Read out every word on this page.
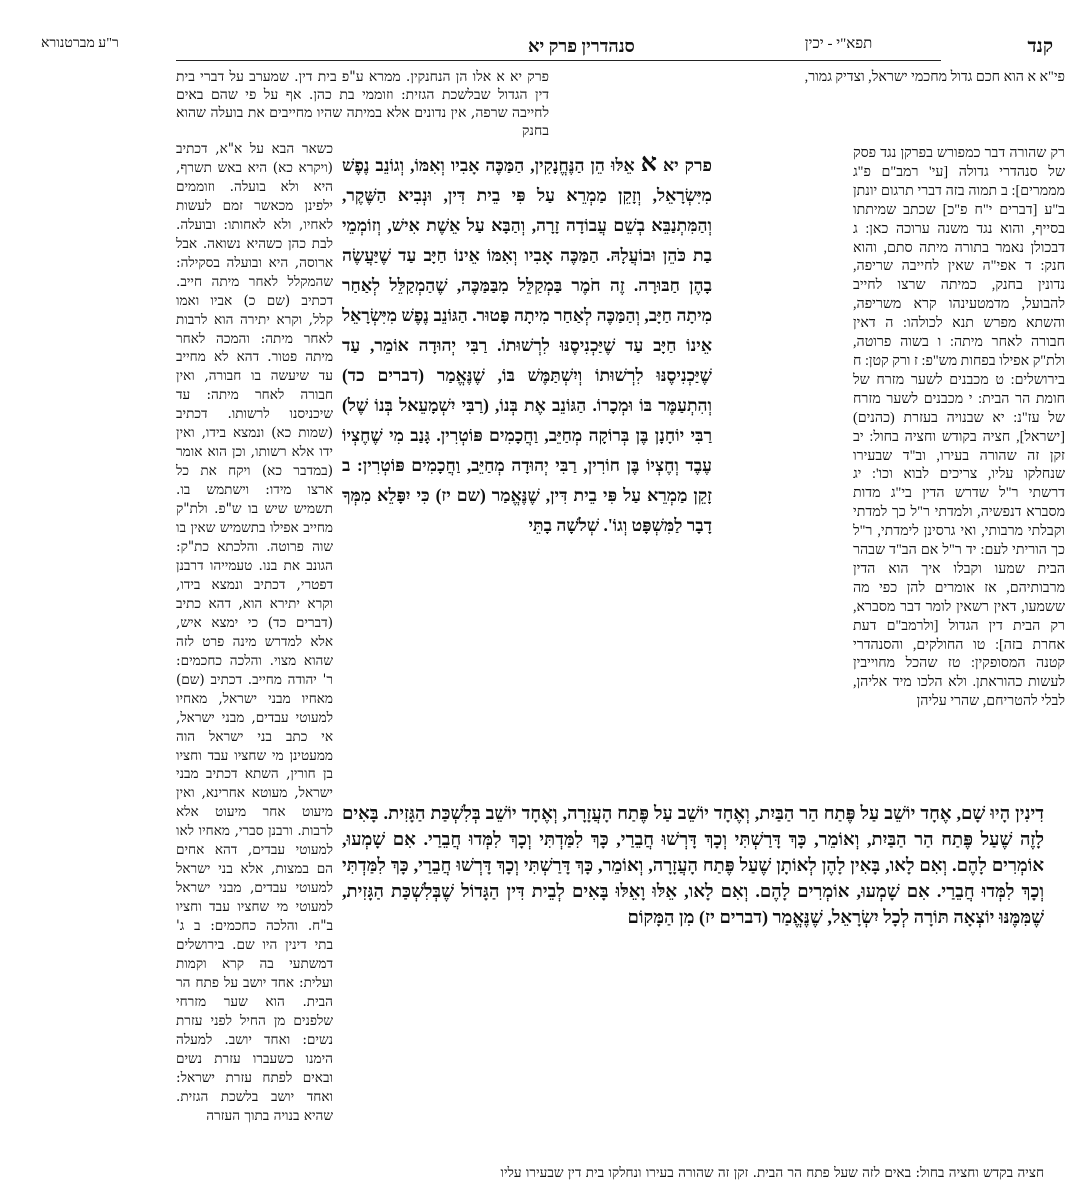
קנד
תפא"י - יכין
סנהדרין פרק יא
ר"ע מברטנורא

פי"א א הוא חכם גדול מחכמי ישראל, וצדיק גמור,

רק שהורה דבר כמפורש בפרקן נגד פסק של סנהדרי גדולה [עי' רמב"ם פ"ג מממרים]: ב תמוה בזה דברי תרגום יונתן ב"ע [דברים י"ח פ"כ] שכתב שמיתתו בסייף, והוא נגד משנה ערוכה כאן: ג דבכולן נאמר בתורה מיתה סתם, והוא חנק: ד אפי"ה שאין לחייבה שריפה, נדונין בחנק, כמיתה שרצו לחייב להבועל, מדמטעינהו קרא משריפה, והשתא מפרש תנא לכולהו: ה דאין חבורה לאחר מיתה: ו בשוה פרוטה, ולת"ק אפילו בפחות מש"פ: ז ורק קטן: ח בירושלים: ט מכבנים לשער מזרח של חומת הר הבית: י מכבנים לשער מזרח של עז"נ: יא שבנויה בעזרת (כהנים) [ישראל], חציה בקודש וחציה בחול: יב זקן זה שהורה בעירו, וב"ד שבעירו שנחלקו עליו, צריכים לבוא וכו': יג דרשתי ר"ל שדרש הדין בי"ג מדות מסברא דנפשיה, ולמדתי ר"ל כך למדתי וקבלתי מרבותי, ואי גרסינן לימדתי, ר"ל כך הוריתי לעם: יד ר"ל אם הב"ד שבהר הבית שמעו וקבלו איך הוא הדין מרבותיהם, אז אומרים להן כפי מה ששמעו, דאין רשאין לומר דבר מסברא, רק הבית דין הגדול [ולרמב"ם דעת אחרת בזה]: טו החולקים, והסנהדרי קטנה המסופקין: טז שהכל מחוייבין לעשות כהוראתן. ולא הלכו מיד אליהן, לבלי להטריחם, שהרי עליהן

פרק יא א אלו הן הנחנקין. ממרא ע"פ בית דין. שמערב על דברי בית דין הגדול שבלשכת הגזית: וזוממי בת כהן. אף על פי שהם באים לחייבה שרפה, אין נדונים אלא במיתה שהיו מחייבים את בועלה שהוא בחנק

כשאר הבא על א"א, דכתיב (ויקרא כא) היא באש תשרף, היא ולא בועלה. וזוממים ילפינן מכאשר זמם לעשות לאחיו, ולא לאחותו: ובועלה. לבת כהן כשהיא נשואה. אבל ארוסה, היא ובועלה בסקילה: שהמקלל לאחר מיתה חייב. דכתיב (שם כ) אביו ואמו קלל, וקרא יתירה הוא לרבות לאחר מיתה: והמכה לאחר מיתה פטור. דהא לא מחייב עד שיעשה בו חבורה, ואין חבורה לאחר מיתה: עד שיכניסנו לרשותו. דכתיב (שמות כא) ונמצא בידו, ואין ידו אלא רשותו, וכן הוא אומר (במדבר כא) ויקח את כל ארצו מידו: וישתמש בו. תשמיש שיש בו ש"פ. ולת"ק מחייב אפילו בתשמיש שאין בו שוה פרוטה. והלכתא כת"ק: הגונב את בנו. טעמייהו דרבנן דפטרי, דכתיב ונמצא בידו, וקרא יתירא הוא, דהא כתיב (דברים כד) כי ימצא איש, אלא למדרש מינה פרט לזה שהוא מצוי. והלכה כחכמים: ר' יהודה מחייב. דכתיב (שם) מאחיו מבני ישראל, מאחיו למעוטי עבדים, מבני ישראל, אי כתב בני ישראל הוה ממעטינן מי שחציו עבד וחציו בן חורין, השתא דכתיב מבני ישראל, מעוטא אחרינא, ואין מיעוט אחר מיעוט אלא לרבות. ורבנן סברי, מאחיו לאו למעוטי עבדים, דהא אחים הם במצות, אלא בני ישראל למעוטי עבדים, מבני ישראל למעוטי מי שחציו עבד וחציו ב"ח. והלכה כחכמים: ב ג' בתי דינין היו שם. בירושלים דמשתעי בה קרא וקמות ועלית: אחד יושב על פתח הר הבית. הוא שער מזרחי שלפנים מן החיל לפני עזרת נשים: ואחד יושב. למעלה הימנו כשעברו עזרת נשים ובאים לפתח עזרת ישראל: ואחד יושב בלשכת הגזית. שהיא בנויה בתוך העזרה

פרק יא א אֵלּוּ הֵן הַנֶּחֱנָקִין, הַמַּכֶּה אָבִיו וְאִמּוֹ, וְגוֹנֵב נֶפֶשׁ מִיִּשְׂרָאֵל, וְזָקֵן מַמְרֵא עַל פִּי בֵית דִּין, וּנְבִיא הַשֶּׁקֶר, וְהַמִּתְנַבֵּא בְשֵׁם עֲבוֹדָה זָרָה, וְהַבָּא עַל אֵשֶׁת אִישׁ, וְזוֹמְמֵי בַת כֹּהֵן וּבוֹעֲלָהּ. הַמַּכֶּה אָבִיו וְאִמּוֹ אֵינוֹ חַיָּב עַד שֶׁיַּעֲשֶׂה בָהֶן חַבּוּרָה. זֶה חֹמֶר בַּמְקַלֵּל מִבַּמַּכֶּה, שֶׁהַמְקַלֵּל לְאַחַר מִיתָה חַיָּב, וְהַמַּכֶּה לְאַחַר מִיתָה פָּטוּר. הַגּוֹנֵב נֶפֶשׁ מִיִּשְׂרָאֵל אֵינוֹ חַיָּב עַד שֶׁיַּכְנִיסֶנּוּ לִרְשׁוּתוֹ. רַבִּי יְהוּדָה אוֹמֵר, עַד שֶׁיַּכְנִיסֶנּוּ לִרְשׁוּתוֹ וְיִשְׁתַּמֶּשׁ בּוֹ, שֶׁנֶּאֱמַר (דברים כד) וְהִתְעַמֶּר בּוֹ וּמְכָרוֹ. הַגּוֹנֵב אֶת בְּנוֹ, (רַבִּי יִשְׁמָעֵאל בְּנוֹ שֶׁל) רַבִּי יוֹחָנָן בֶּן בְּרוֹקָה מְחַיֵּב, וַחֲכָמִים פּוֹטְרִין. גָּנַב מִי שֶׁחֶצְיוֹ עֶבֶד וְחֶצְיוֹ בֶּן חוֹרִין, רַבִּי יְהוּדָה מְחַיֵּב, וַחֲכָמִים פּוֹטְרִין: ב זָקֵן מַמְרֵא עַל פִּי בֵית דִּין, שֶׁנֶּאֱמַר (שם יז) כִּי יִפָּלֵא מִמְּךָ דָבָר לַמִּשְׁפָּט וְגוֹ'. שְׁלֹשָׁה בָתֵּי

דִינִין הָיוּ שָׁם, אֶחָד יוֹשֵׁב עַל פֶּתַח הַר הַבַּיִת, וְאֶחָד יוֹשֵׁב עַל פֶּתַח הָעֲזָרָה, וְאֶחָד יוֹשֵׁב בְּלִשְׁכַּת הַגָּזִית. בָּאִים לָזֶה שֶׁעַל פֶּתַח הַר הַבַּיִת, וְאוֹמֵר, כָּךְ דָּרַשְׁתִּי וְכָךְ דָּרְשׁוּ חֲבֵרַי, כָּךְ לִמַּדְתִּי וְכָךְ לִמְּדוּ חֲבֵרַי. אִם שָׁמְעוּ, אוֹמְרִים לָהֶם. וְאִם לָאו, בָּאִין לָהֶן לְאוֹתָן שֶׁעַל פֶּתַח הָעֲזָרָה, וְאוֹמֵר, כָּךְ דָּרַשְׁתִּי וְכָךְ דָּרְשׁוּ חֲבֵרַי, כָּךְ לִמַּדְתִּי וְכָךְ לִמְּדוּ חֲבֵרַי. אִם שָׁמְעוּ, אוֹמְרִים לָהֶם. וְאִם לָאו, אֵלּוּ וָאֵלּוּ בָּאִים לְבֵית דִּין הַגָּדוֹל שֶׁבְּלִשְׁכַּת הַגָּזִית, שֶׁמִּמֶּנּוּ יוֹצְאָה תּוֹרָה לְכָל יִשְׂרָאֵל, שֶׁנֶּאֱמַר (דברים יז) מִן הַמָּקוֹם

חציה בקדש וחציה בחול: באים לזה שעל פתח הר הבית. זקן זה שהורה בעירו ונחלקו בית דין שבעירו עליו
